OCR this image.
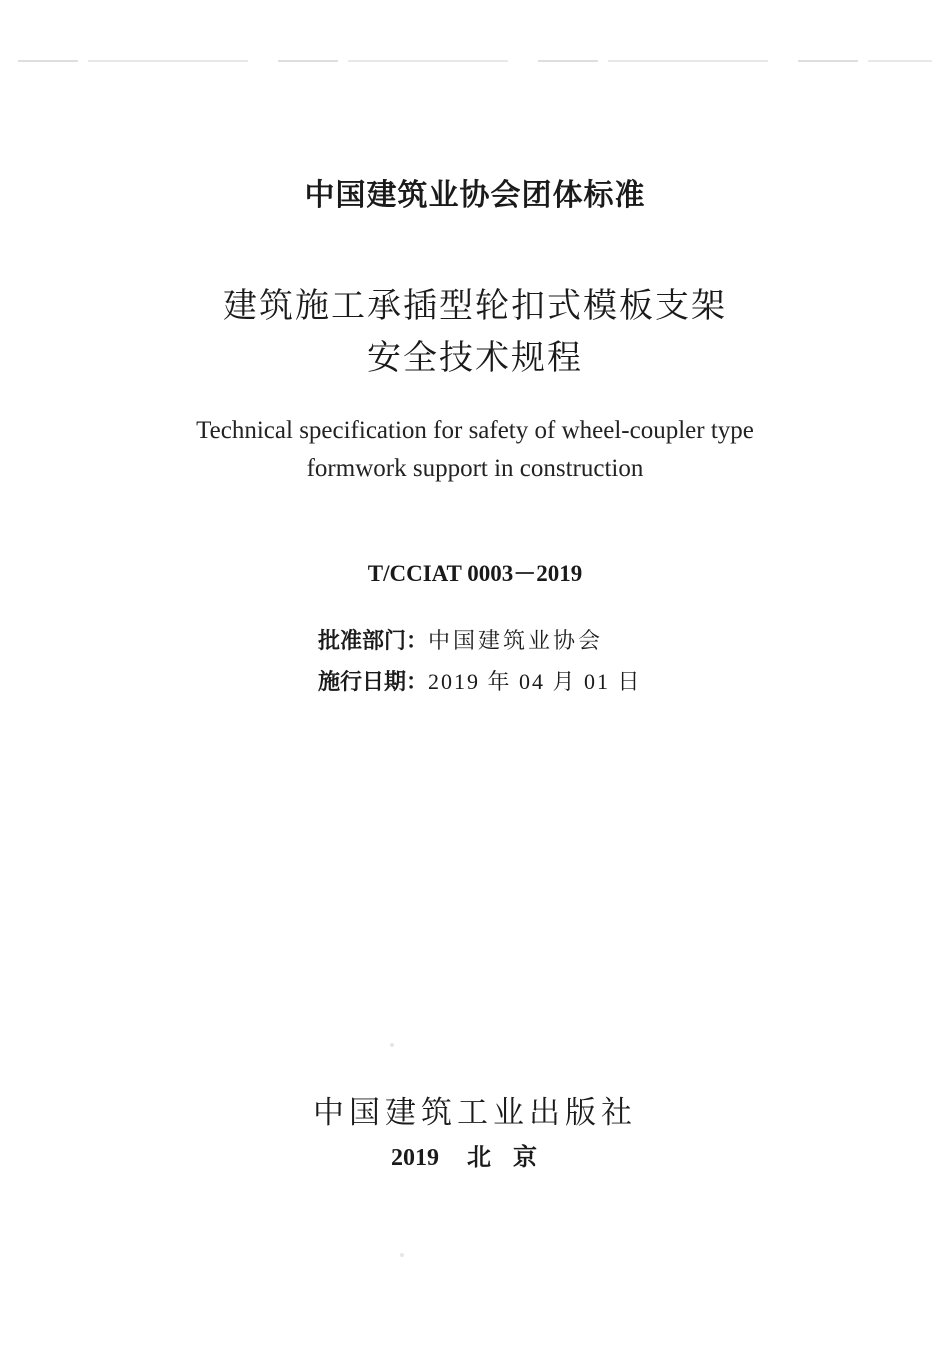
中国建筑业协会团体标准
建筑施工承插型轮扣式模板支架
安全技术规程
Technical specification for safety of wheel-coupler type
formwork support in construction
T/CCIAT 0003－2019
批准部门：中国建筑业协会
施行日期：2019 年 04 月 01 日
中国建筑工业出版社
2019 北京
